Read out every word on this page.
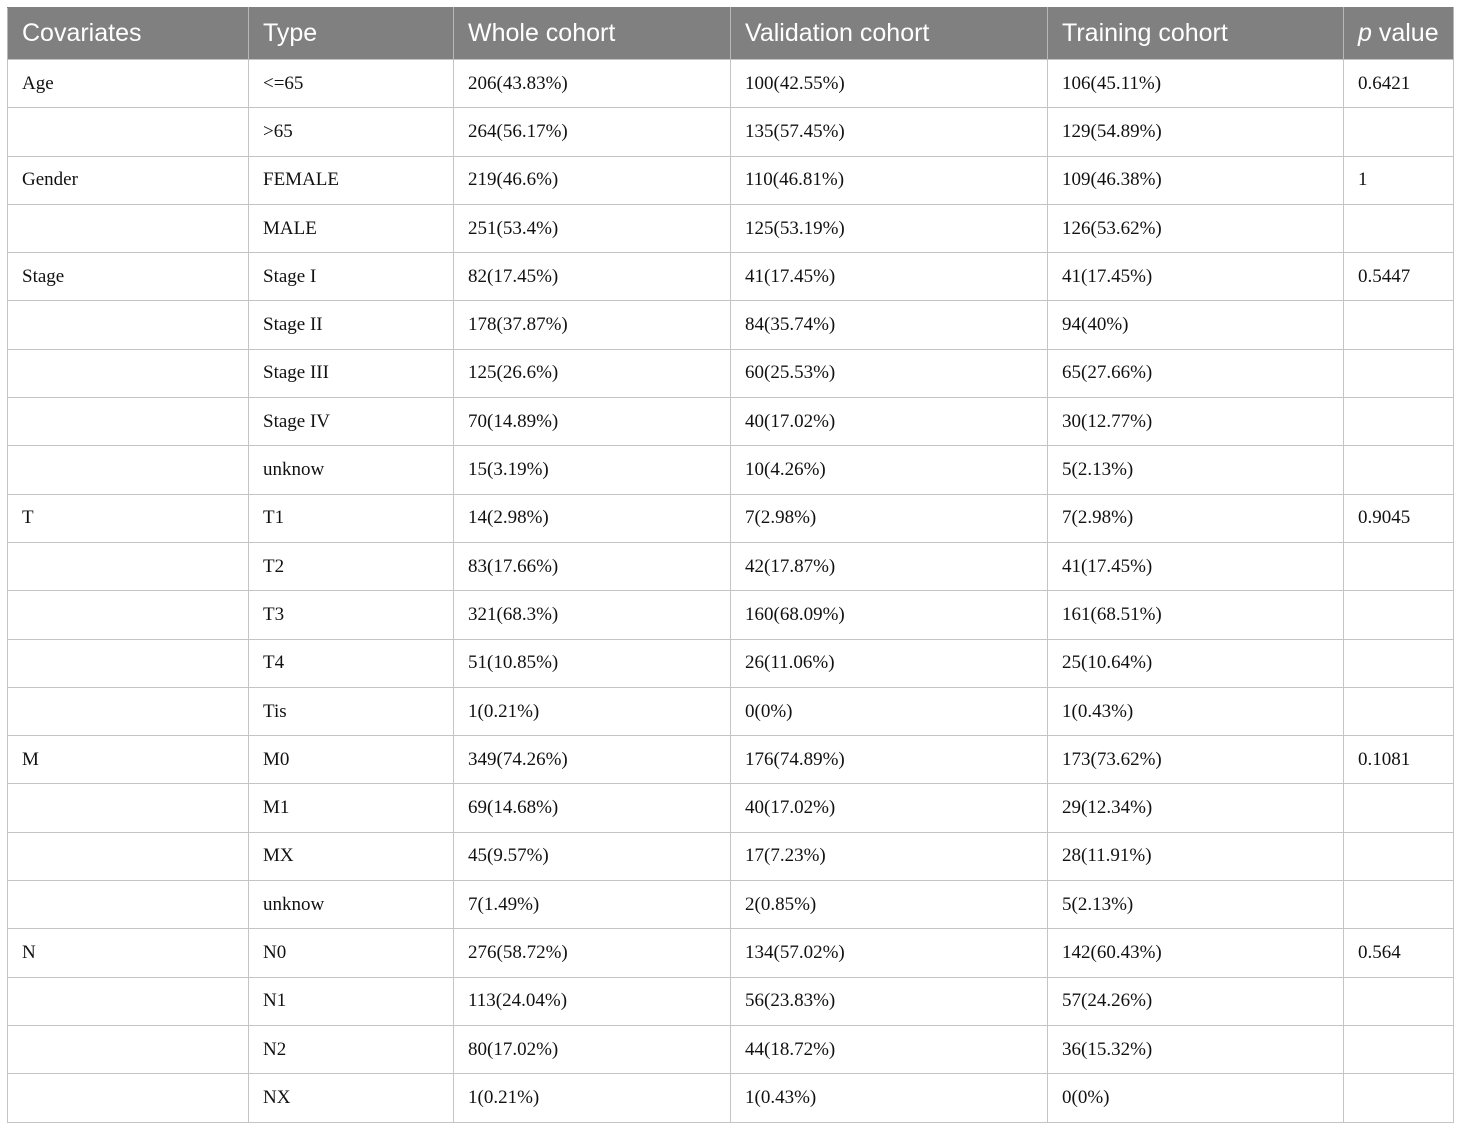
Covariates	Type	Whole cohort	Validation cohort	Training cohort	p value
Age	<=65	206(43.83%)	100(42.55%)	106(45.11%)	0.6421
	>65	264(56.17%)	135(57.45%)	129(54.89%)	
Gender	FEMALE	219(46.6%)	110(46.81%)	109(46.38%)	1
	MALE	251(53.4%)	125(53.19%)	126(53.62%)	
Stage	Stage I	82(17.45%)	41(17.45%)	41(17.45%)	0.5447
	Stage II	178(37.87%)	84(35.74%)	94(40%)	
	Stage III	125(26.6%)	60(25.53%)	65(27.66%)	
	Stage IV	70(14.89%)	40(17.02%)	30(12.77%)	
	unknow	15(3.19%)	10(4.26%)	5(2.13%)	
T	T1	14(2.98%)	7(2.98%)	7(2.98%)	0.9045
	T2	83(17.66%)	42(17.87%)	41(17.45%)	
	T3	321(68.3%)	160(68.09%)	161(68.51%)	
	T4	51(10.85%)	26(11.06%)	25(10.64%)	
	Tis	1(0.21%)	0(0%)	1(0.43%)	
M	M0	349(74.26%)	176(74.89%)	173(73.62%)	0.1081
	M1	69(14.68%)	40(17.02%)	29(12.34%)	
	MX	45(9.57%)	17(7.23%)	28(11.91%)	
	unknow	7(1.49%)	2(0.85%)	5(2.13%)	
N	N0	276(58.72%)	134(57.02%)	142(60.43%)	0.564
	N1	113(24.04%)	56(23.83%)	57(24.26%)	
	N2	80(17.02%)	44(18.72%)	36(15.32%)	
	NX	1(0.21%)	1(0.43%)	0(0%)	
